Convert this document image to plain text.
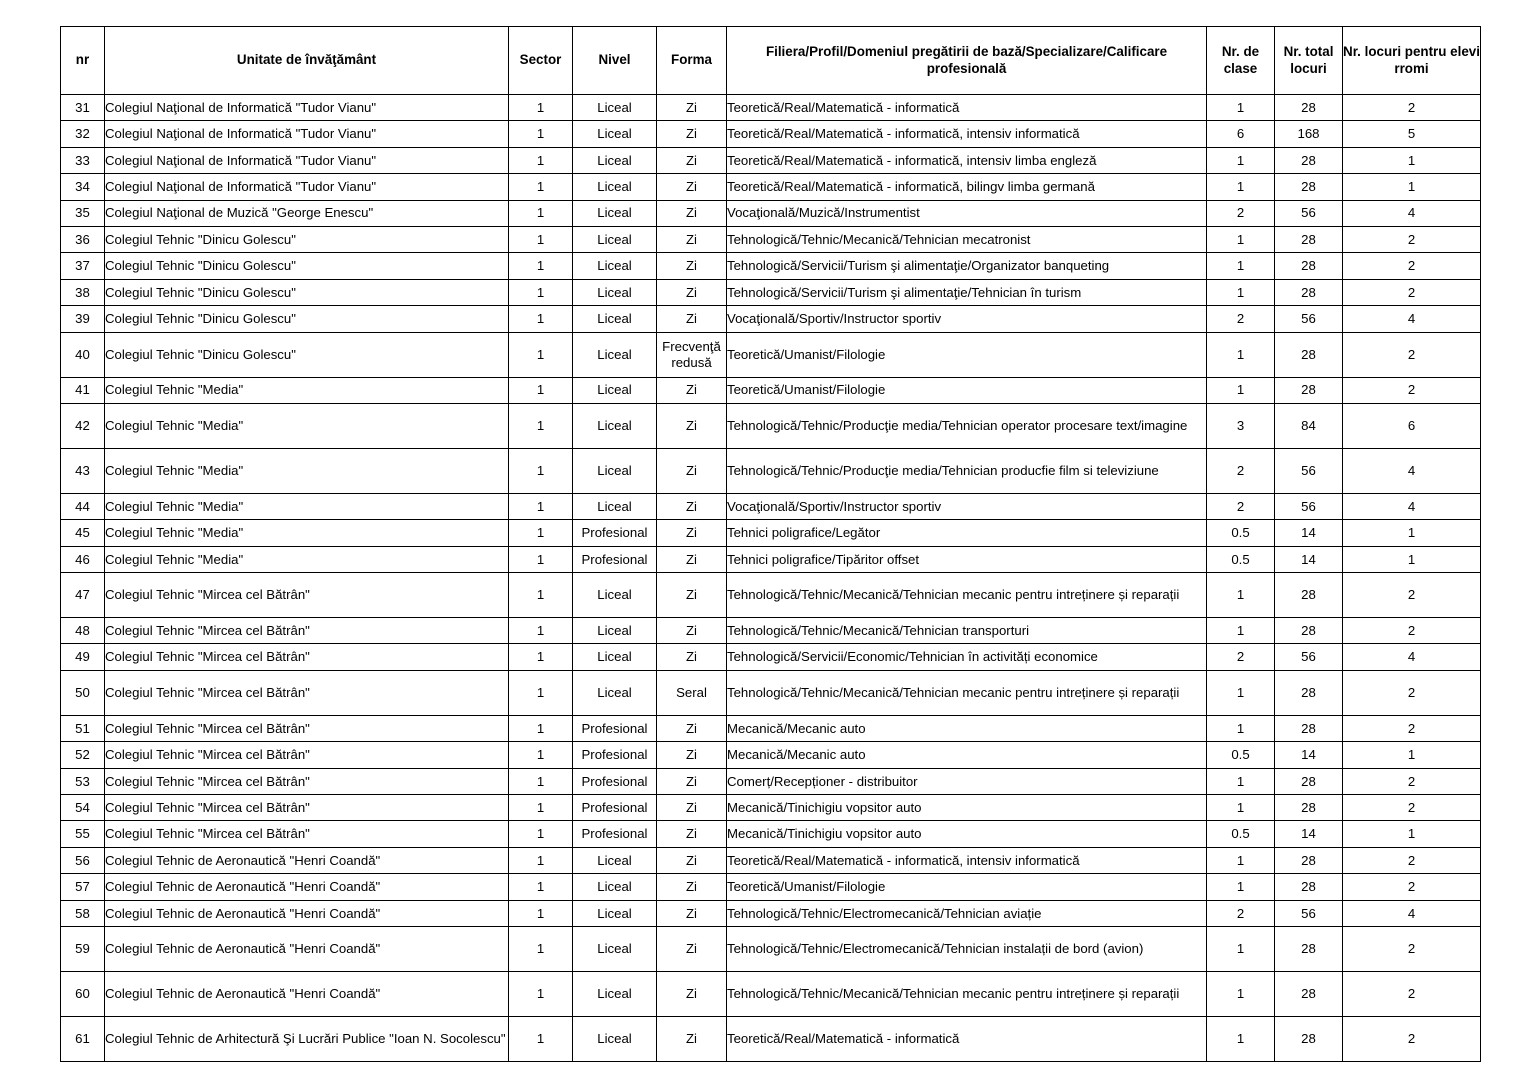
nr	Unitate de învăţământ	Sector	Nivel	Forma	Filiera/Profil/Domeniul pregătirii de bază/Specializare/Calificare profesională	Nr. de clase	Nr. total locuri	Nr. locuri pentru elevi rromi
31	Colegiul Naţional de Informatică "Tudor Vianu"	1	Liceal	Zi	Teoretică/Real/Matematică - informatică	1	28	2
32	Colegiul Naţional de Informatică "Tudor Vianu"	1	Liceal	Zi	Teoretică/Real/Matematică - informatică, intensiv informatică	6	168	5
33	Colegiul Naţional de Informatică "Tudor Vianu"	1	Liceal	Zi	Teoretică/Real/Matematică - informatică, intensiv limba engleză	1	28	1
34	Colegiul Naţional de Informatică "Tudor Vianu"	1	Liceal	Zi	Teoretică/Real/Matematică - informatică, bilingv limba germană	1	28	1
35	Colegiul Naţional de Muzică "George Enescu"	1	Liceal	Zi	Vocaţională/Muzică/Instrumentist	2	56	4
36	Colegiul Tehnic "Dinicu Golescu"	1	Liceal	Zi	Tehnologică/Tehnic/Mecanică/Tehnician mecatronist	1	28	2
37	Colegiul Tehnic "Dinicu Golescu"	1	Liceal	Zi	Tehnologică/Servicii/Turism şi alimentaţie/Organizator banqueting	1	28	2
38	Colegiul Tehnic "Dinicu Golescu"	1	Liceal	Zi	Tehnologică/Servicii/Turism şi alimentaţie/Tehnician în turism	1	28	2
39	Colegiul Tehnic "Dinicu Golescu"	1	Liceal	Zi	Vocaţională/Sportiv/Instructor sportiv	2	56	4
40	Colegiul Tehnic "Dinicu Golescu"	1	Liceal	Frecvenţă redusă	Teoretică/Umanist/Filologie	1	28	2
41	Colegiul Tehnic "Media"	1	Liceal	Zi	Teoretică/Umanist/Filologie	1	28	2
42	Colegiul Tehnic "Media"	1	Liceal	Zi	Tehnologică/Tehnic/Producţie media/Tehnician operator procesare text/imagine	3	84	6
43	Colegiul Tehnic "Media"	1	Liceal	Zi	Tehnologică/Tehnic/Producţie media/Tehnician producfie film si televiziune	2	56	4
44	Colegiul Tehnic "Media"	1	Liceal	Zi	Vocaţională/Sportiv/Instructor sportiv	2	56	4
45	Colegiul Tehnic "Media"	1	Profesional	Zi	Tehnici poligrafice/Legător	0.5	14	1
46	Colegiul Tehnic "Media"	1	Profesional	Zi	Tehnici poligrafice/Tipăritor offset	0.5	14	1
47	Colegiul Tehnic "Mircea cel Bătrân"	1	Liceal	Zi	Tehnologică/Tehnic/Mecanică/Tehnician mecanic pentru intreținere și reparații	1	28	2
48	Colegiul Tehnic "Mircea cel Bătrân"	1	Liceal	Zi	Tehnologică/Tehnic/Mecanică/Tehnician transporturi	1	28	2
49	Colegiul Tehnic "Mircea cel Bătrân"	1	Liceal	Zi	Tehnologică/Servicii/Economic/Tehnician în activități economice	2	56	4
50	Colegiul Tehnic "Mircea cel Bătrân"	1	Liceal	Seral	Tehnologică/Tehnic/Mecanică/Tehnician mecanic pentru intreținere și reparații	1	28	2
51	Colegiul Tehnic "Mircea cel Bătrân"	1	Profesional	Zi	Mecanică/Mecanic auto	1	28	2
52	Colegiul Tehnic "Mircea cel Bătrân"	1	Profesional	Zi	Mecanică/Mecanic auto	0.5	14	1
53	Colegiul Tehnic "Mircea cel Bătrân"	1	Profesional	Zi	Comerț/Recepționer - distribuitor	1	28	2
54	Colegiul Tehnic "Mircea cel Bătrân"	1	Profesional	Zi	Mecanică/Tinichigiu vopsitor auto	1	28	2
55	Colegiul Tehnic "Mircea cel Bătrân"	1	Profesional	Zi	Mecanică/Tinichigiu vopsitor auto	0.5	14	1
56	Colegiul Tehnic de Aeronautică "Henri Coandă"	1	Liceal	Zi	Teoretică/Real/Matematică - informatică, intensiv informatică	1	28	2
57	Colegiul Tehnic de Aeronautică "Henri Coandă"	1	Liceal	Zi	Teoretică/Umanist/Filologie	1	28	2
58	Colegiul Tehnic de Aeronautică "Henri Coandă"	1	Liceal	Zi	Tehnologică/Tehnic/Electromecanică/Tehnician aviație	2	56	4
59	Colegiul Tehnic de Aeronautică "Henri Coandă"	1	Liceal	Zi	Tehnologică/Tehnic/Electromecanică/Tehnician instalații de bord (avion)	1	28	2
60	Colegiul Tehnic de Aeronautică "Henri Coandă"	1	Liceal	Zi	Tehnologică/Tehnic/Mecanică/Tehnician mecanic pentru intreținere și reparații	1	28	2
61	Colegiul Tehnic de Arhitectură Şi Lucrări Publice "Ioan N. Socolescu"	1	Liceal	Zi	Teoretică/Real/Matematică - informatică	1	28	2
